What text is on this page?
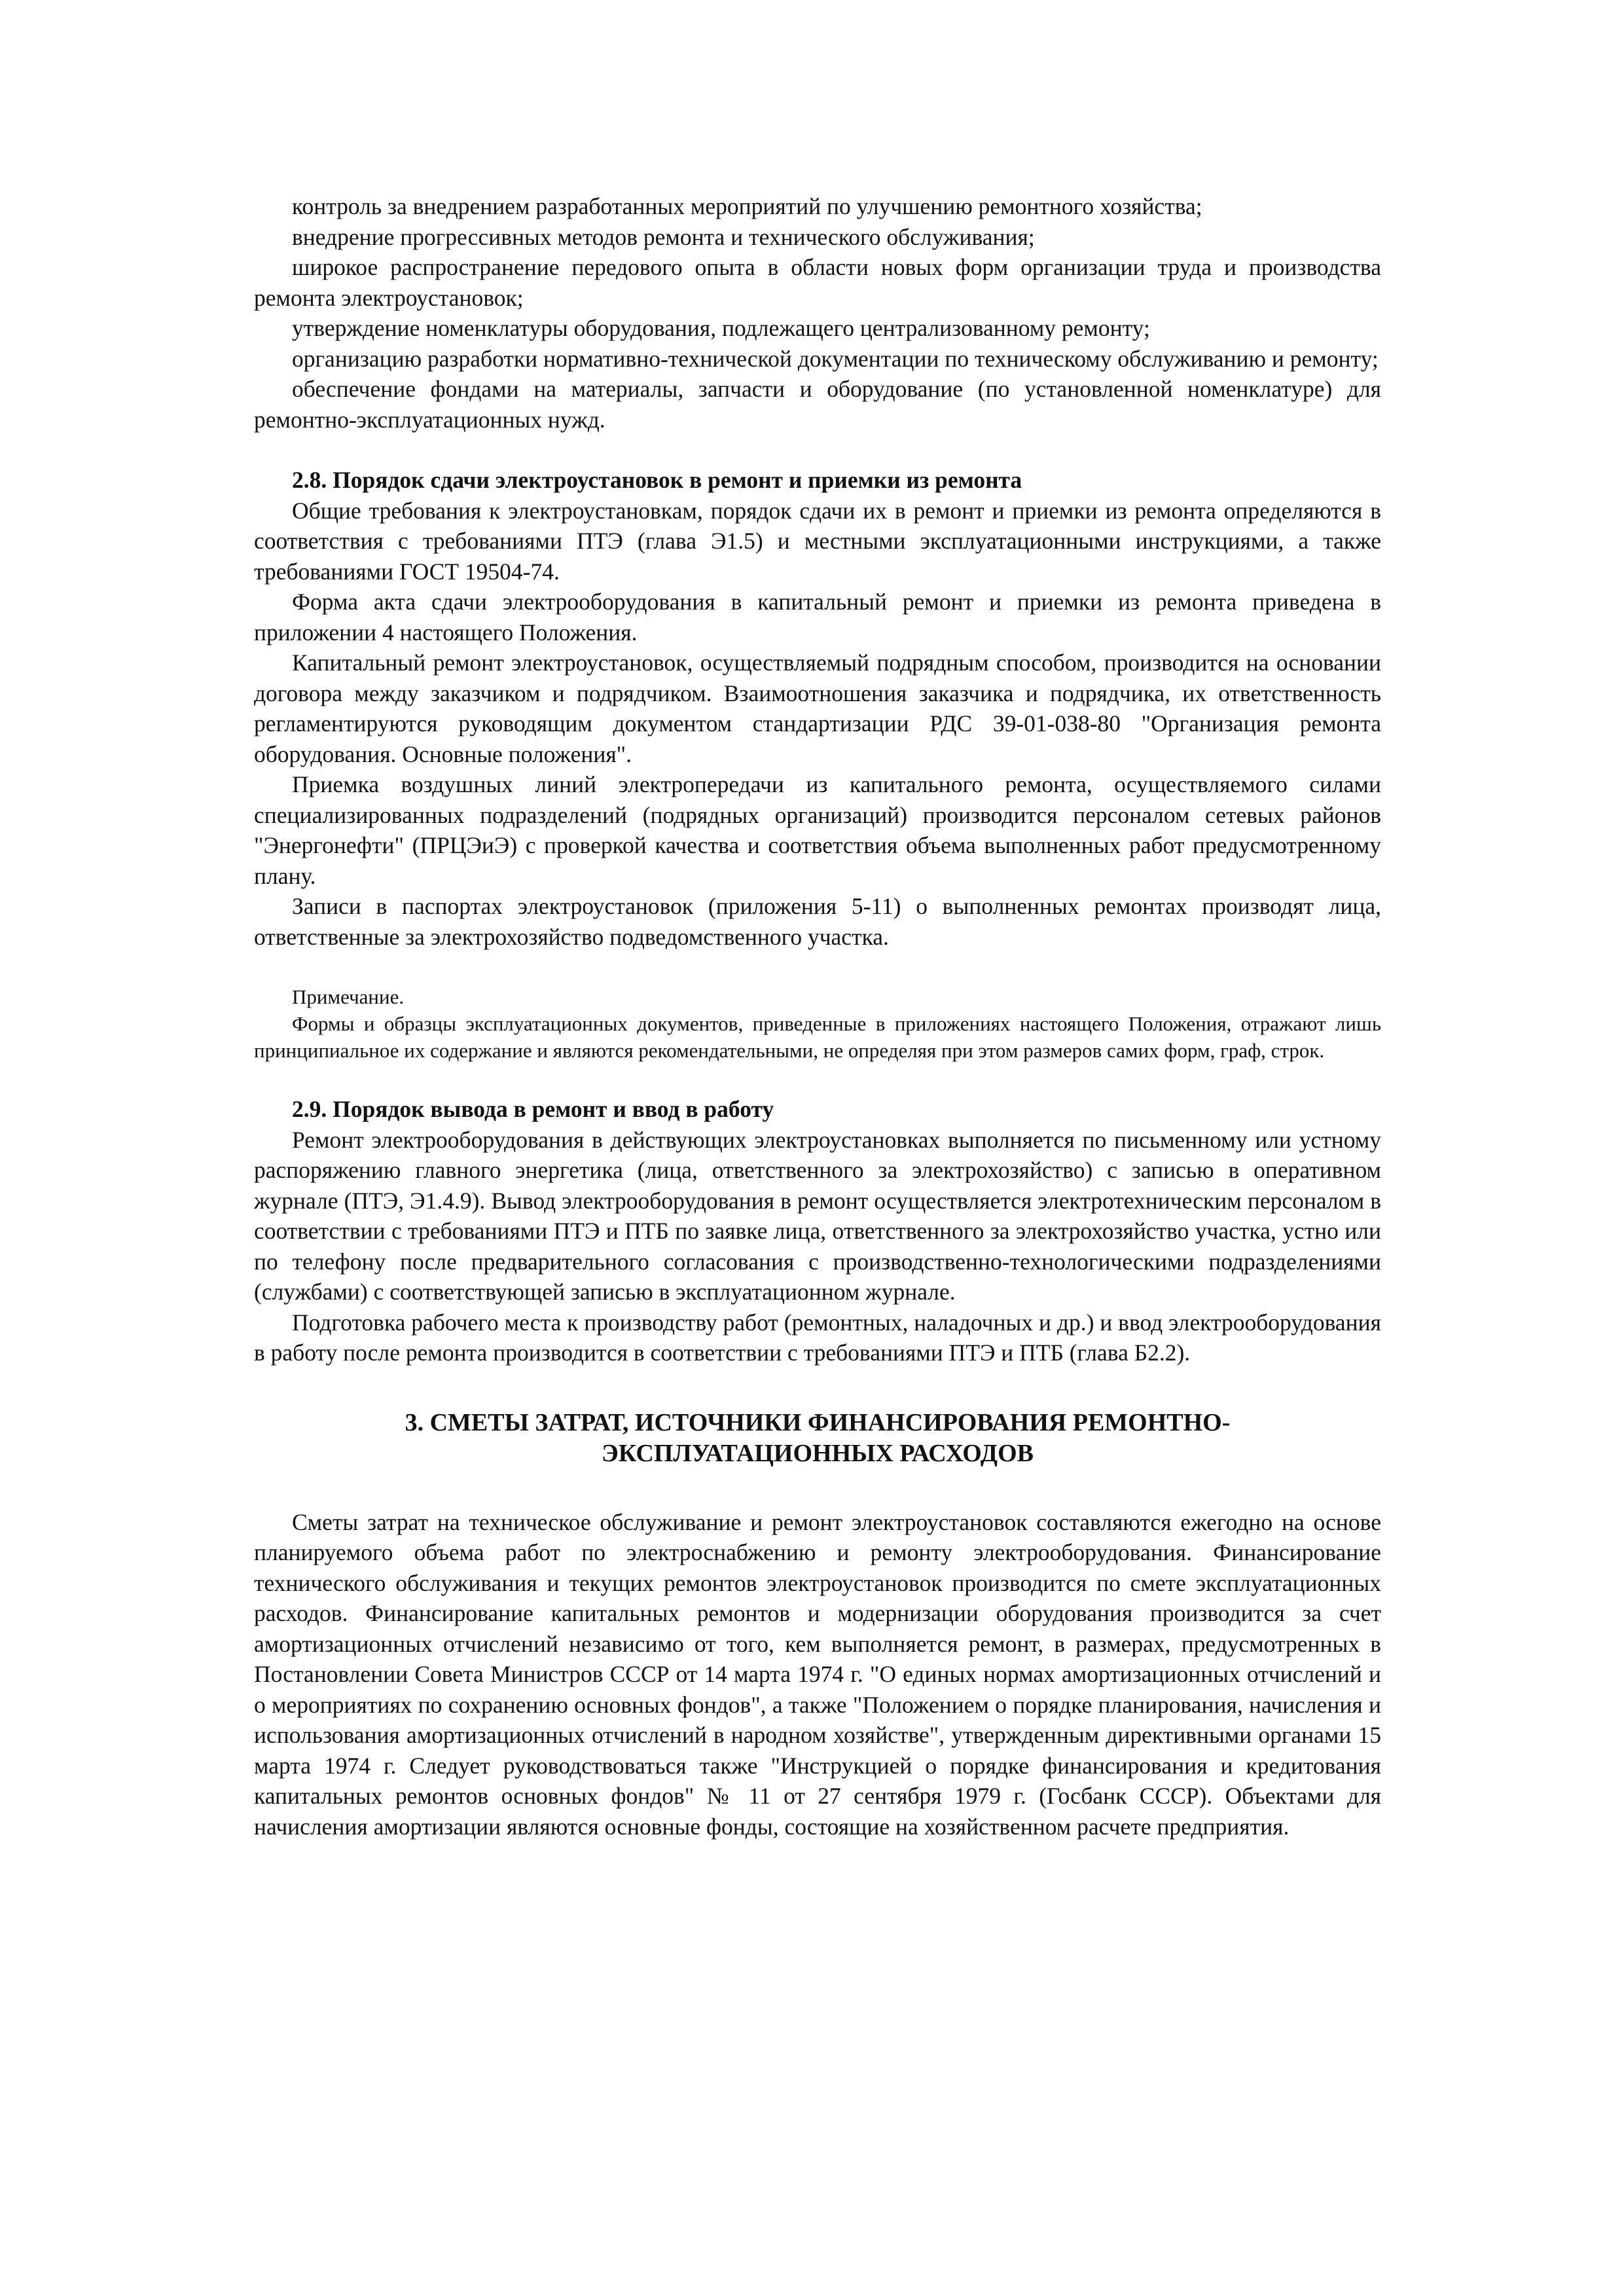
контроль за внедрением разработанных мероприятий по улучшению ремонтного хозяйства;

внедрение прогрессивных методов ремонта и технического обслуживания;

широкое распространение передового опыта в области новых форм организации труда и производства ремонта электроустановок;

утверждение номенклатуры оборудования, подлежащего централизованному ремонту;

организацию разработки нормативно-технической документации по техническому обслуживанию и ремонту;

обеспечение фондами на материалы, запчасти и оборудование (по установленной номенклатуре) для ремонтно-эксплуатационных нужд.

2.8. Порядок сдачи электроустановок в ремонт и приемки из ремонта

Общие требования к электроустановкам, порядок сдачи их в ремонт и приемки из ремонта определяются в соответствия с требованиями ПТЭ (глава Э1.5) и местными эксплуатационными инструкциями, а также требованиями ГОСТ 19504-74.

Форма акта сдачи электрооборудования в капитальный ремонт и приемки из ремонта приведена в приложении 4 настоящего Положения.

Капитальный ремонт электроустановок, осуществляемый подрядным способом, производится на основании договора между заказчиком и подрядчиком. Взаимоотношения заказчика и подрядчика, их ответственность регламентируются руководящим документом стандартизации РДС 39-01-038-80 "Организация ремонта оборудования. Основные положения".

Приемка воздушных линий электропередачи из капитального ремонта, осуществляемого силами специализированных подразделений (подрядных организаций) производится персоналом сетевых районов "Энергонефти" (ПРЦЭиЭ) с проверкой качества и соответствия объема выполненных работ предусмотренному плану.

Записи в паспортах электроустановок (приложения 5-11) о выполненных ремонтах производят лица, ответственные за электрохозяйство подведомственного участка.

Примечание.

Формы и образцы эксплуатационных документов, приведенные в приложениях настоящего Положения, отражают лишь принципиальное их содержание и являются рекомендательными, не определяя при этом размеров самих форм, граф, строк.

2.9. Порядок вывода в ремонт и ввод в работу

Ремонт электрооборудования в действующих электроустановках выполняется по письменному или устному распоряжению главного энергетика (лица, ответственного за электрохозяйство) с записью в оперативном журнале (ПТЭ, Э1.4.9). Вывод электрооборудования в ремонт осуществляется электротехническим персоналом в соответствии с требованиями ПТЭ и ПТБ по заявке лица, ответственного за электрохозяйство участка, устно или по телефону после предварительного согласования с производственно-технологическими подразделениями (службами) с соответствующей записью в эксплуатационном журнале.

Подготовка рабочего места к производству работ (ремонтных, наладочных и др.) и ввод электрооборудования в работу после ремонта производится в соответствии с требованиями ПТЭ и ПТБ (глава Б2.2).

3. СМЕТЫ ЗАТРАТ, ИСТОЧНИКИ ФИНАНСИРОВАНИЯ РЕМОНТНО-
ЭКСПЛУАТАЦИОННЫХ РАСХОДОВ

Сметы затрат на техническое обслуживание и ремонт электроустановок составляются ежегодно на основе планируемого объема работ по электроснабжению и ремонту электрооборудования. Финансирование технического обслуживания и текущих ремонтов электроустановок производится по смете эксплуатационных расходов. Финансирование капитальных ремонтов и модернизации оборудования производится за счет амортизационных отчислений независимо от того, кем выполняется ремонт, в размерах, предусмотренных в Постановлении Совета Министров СССР от 14 марта 1974 г. "О единых нормах амортизационных отчислений и о мероприятиях по сохранению основных фондов", а также "Положением о порядке планирования, начисления и использования амортизационных отчислений в народном хозяйстве", утвержденным директивными органами 15 марта 1974 г. Следует руководствоваться также "Инструкцией о порядке финансирования и кредитования капитальных ремонтов основных фондов" № 11 от 27 сентября 1979 г. (Госбанк СССР). Объектами для начисления амортизации являются основные фонды, состоящие на хозяйственном расчете предприятия.
